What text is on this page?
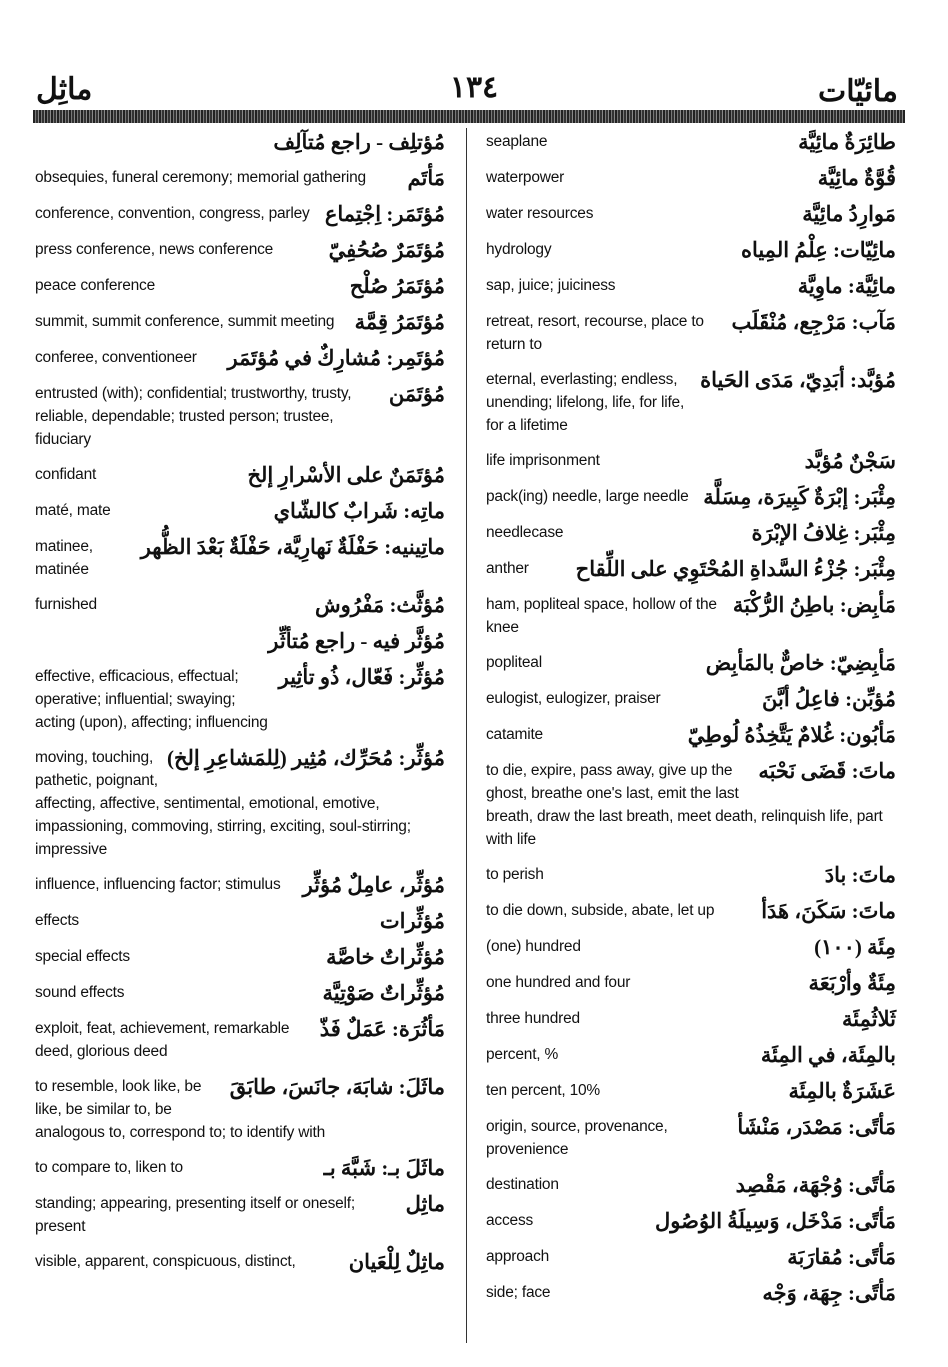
مائيّات
١٣٤
ماثِل
مُؤتلِف - راجع مُتآلِف
مَأتَم
obsequies, funeral ceremony; memorial gathering
مُؤتَمَر: اِجْتِماع
conference, convention, congress, parley
مُؤتَمَرٌ صُحُفِيّ
press conference, news conference
مُؤتَمَرُ صُلْح
peace conference
مُؤتَمَرُ قِمَّة
summit, summit conference, summit meeting
مُؤتَمِر: مُشارِكٌ في مُؤتَمَر
conferee, conventioneer
مُؤتَمَن
entrusted (with); confidential; trustworthy, trusty, reliable, dependable; trusted person; trustee, fiduciary
مُؤتَمَنٌ على الأسْرارِ إلخ
confidant
ماتِه: شَرابٌ كالشّاي
maté, mate
ماتِينيه: حَفْلَةٌ نَهارِيَّة، حَفْلَةٌ بَعْدَ الظُّهر
matinee, matinée
مُؤثَّث: مَفْرُوش
furnished
مُؤثَّر فيه - راجع مُتأثِّر
مُؤثِّر: فَعّال، ذُو تأثِير
effective, efficacious, effectual; operative; influential; swaying; acting (upon), affecting; influencing
مُؤثِّر: مُحَرِّك، مُثِير (لِلمَشاعِرِ إلخ)
moving, touching, pathetic, poignant, affecting, affective, sentimental, emotional, emotive, impassioning, commoving, stirring, exciting, soul-stirring; impressive
مُؤثِّر، عامِلٌ مُؤثِّر
influence, influencing factor; stimulus
مُؤثِّرات
effects
مُؤثِّراتٌ خاصَّة
special effects
مُؤثِّراتٌ صَوْتِيَّة
sound effects
مَأثُرَة: عَمَلٌ فَذّ
exploit, feat, achievement, remarkable deed, glorious deed
ماثَلَ: شابَهَ، جانَسَ، طابَقَ
to resemble, look like, be like, be similar to, be analogous to, correspond to; to identify with
ماثَلَ بـ: شَبَّهَ بـ
to compare to, liken to
ماثِل
standing; appearing, presenting itself or oneself; present
ماثِلٌ لِلْعَيان
visible, apparent, conspicuous, distinct,
طائِرَةٌ مائِيَّة
seaplane
قُوَّةٌ مائِيَّة
waterpower
مَوارِدُ مائِيَّة
water resources
مائِيّات: عِلْمُ المِياه
hydrology
مائِيَّة: ماوِيَّة
sap, juice; juiciness
مَآب: مَرْجِع، مُنْقَلَب
retreat, resort, recourse, place to return to
مُؤبَّد: أبَدِيّ، مَدَى الحَياة
eternal, everlasting; endless, unending; lifelong, life, for life, for a lifetime
سَجْنٌ مُؤبَّد
life imprisonment
مِئْبَر: إبْرَةٌ كَبِيرَة، مِسَلَّة
pack(ing) needle, large needle
مِئْبَر: غِلافُ الإبْرَة
needlecase
مِئْبَر: جُزْءُ السَّداةِ المُحْتَوِي على اللِّقاح
anther
مَأبِض: باطِنُ الرُّكْبَة
ham, popliteal space, hollow of the knee
مَأبِضِيّ: خاصٌّ بالمَأبِض
popliteal
مُؤبِّن: فاعِلُ أبَّنَ
eulogist, eulogizer, praiser
مَأبُون: غُلامٌ يَتَّخِذُهُ لُوطِيّ
catamite
ماتَ: قَضَى نَحْبَه
to die, expire, pass away, give up the ghost, breathe one's last, emit the last breath, draw the last breath, meet death, relinquish life, part with life
ماتَ: بادَ
to perish
ماتَ: سَكَنَ، هَدَأ
to die down, subside, abate, let up
مِئَة (١٠٠)
(one) hundred
مِئَةٌ وأرْبَعَة
one hundred and four
ثَلاثُمِئَة
three hundred
بالمِئَة، في المِئَة
percent, %
عَشَرَةٌ بالمِئَة
ten percent, 10%
مَأتًى: مَصْدَر، مَنْشَأ
origin, source, provenance, provenience
مَأتًى: وُجْهَة، مَقْصِد
destination
مَأتًى: مَدْخَل، وَسِيلَةُ الوُصُول
access
مَأتًى: مُقارَبَة
approach
مَأتًى: جِهَة، وَجْه
side; face
